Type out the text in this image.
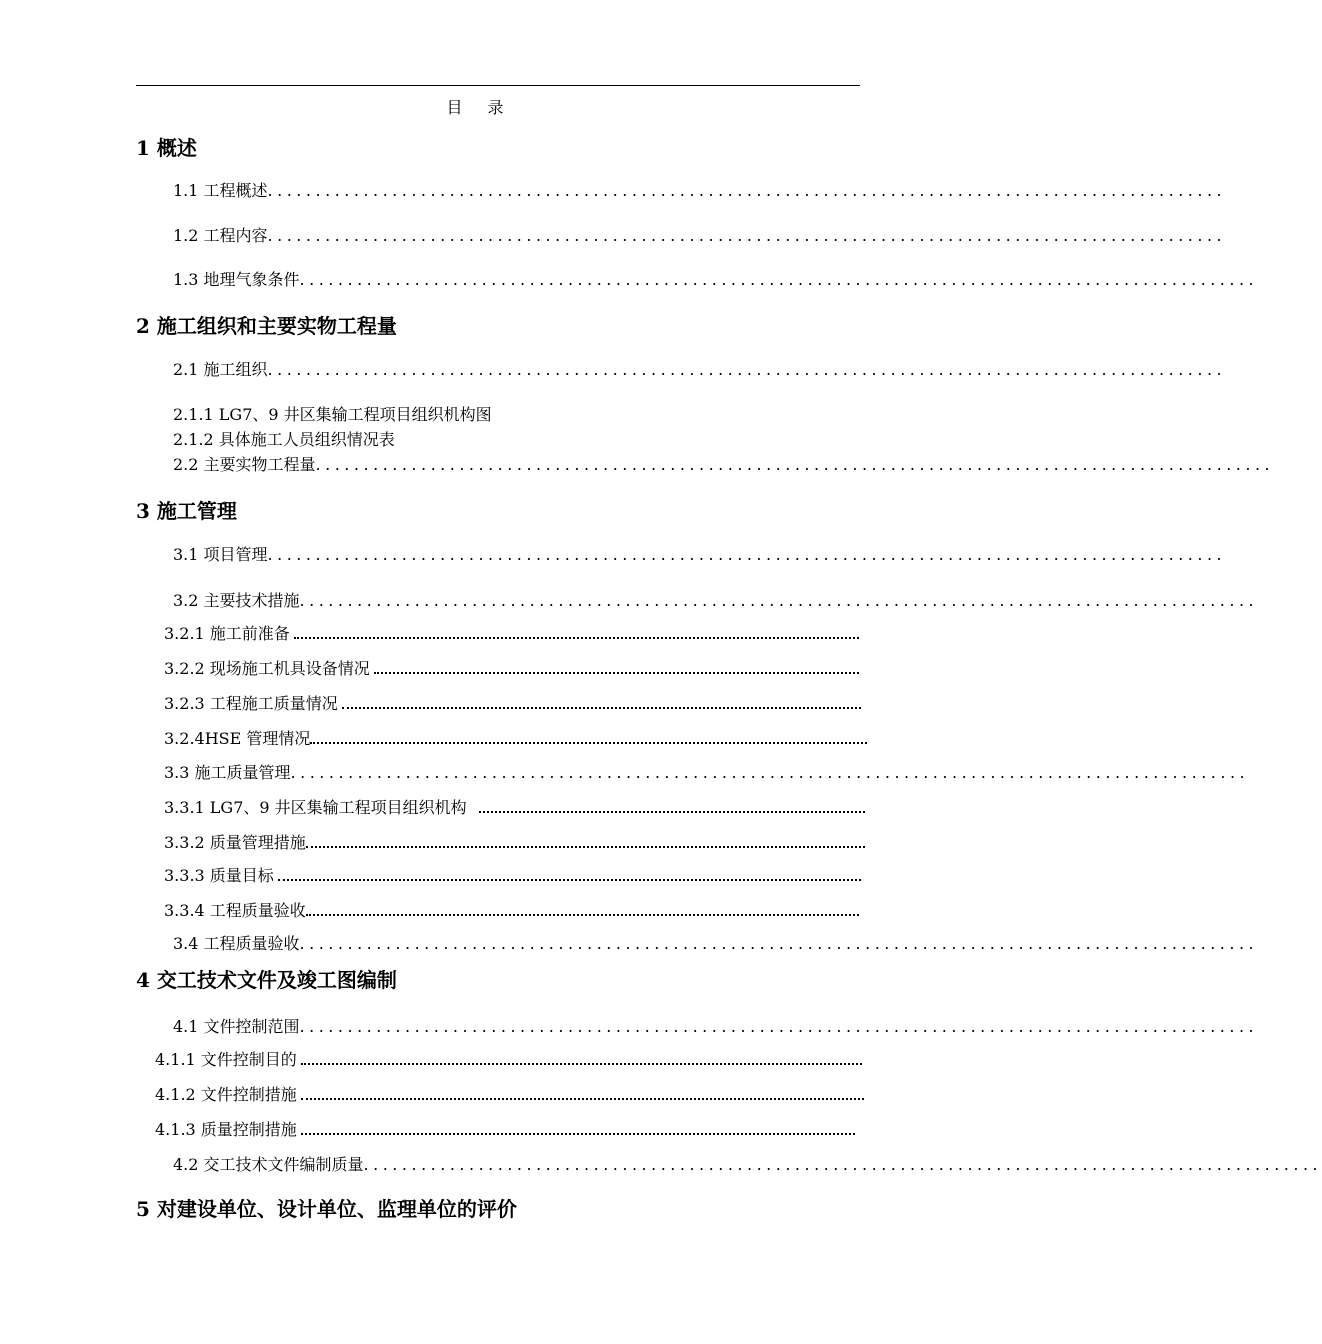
目 录
1 概述
1.1 工程概述 ....................................................................................................
1.2 工程内容 ....................................................................................................
1.3 地理气象条件 ....................................................................................................
2 施工组织和主要实物工程量
2.1 施工组织 ....................................................................................................
2.1.1 LG7、9 井区集输工程项目组织机构图
2.1.2 具体施工人员组织情况表
2.2 主要实物工程量 ....................................................................................................
3 施工管理
3.1 项目管理 ....................................................................................................
3.2 主要技术措施 ....................................................................................................
3.2.1 施工前准备
3.2.2 现场施工机具设备情况
3.2.3 工程施工质量情况
3.2.4HSE 管理情况
3.3 施工质量管理 ....................................................................................................
3.3.1 LG7、9 井区集输工程项目组织机构
3.3.2 质量管理措施
3.3.3 质量目标
3.3.4 工程质量验收
3.4 工程质量验收 ....................................................................................................
4 交工技术文件及竣工图编制
4.1 文件控制范围 ....................................................................................................
4.1.1 文件控制目的
4.1.2 文件控制措施
4.1.3 质量控制措施
4.2 交工技术文件编制质量 ....................................................................................................
5 对建设单位、设计单位、监理单位的评价
